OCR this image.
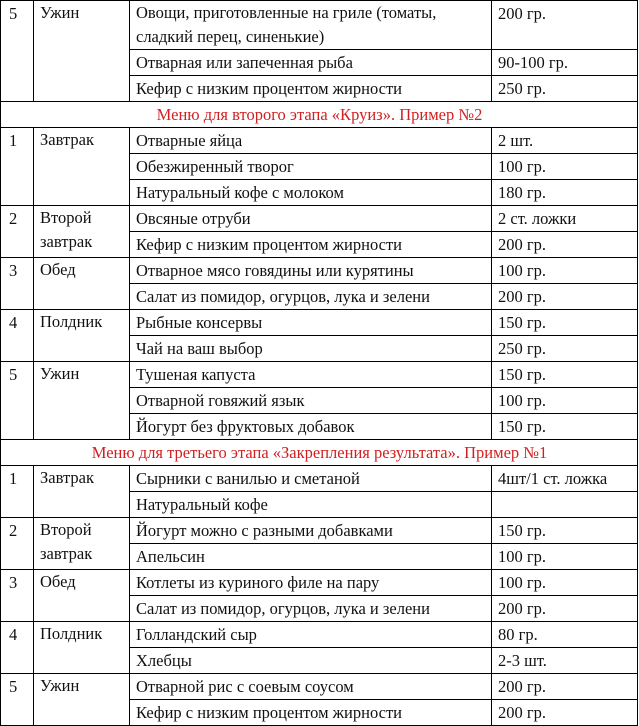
5	Ужин	Овощи, приготовленные на гриле (томаты, сладкий перец, синенькие)	200 гр.
		Отварная или запеченная рыба	90-100 гр.
		Кефир с низким процентом жирности	250 гр.
Меню для второго этапа «Круиз». Пример №2			
1	Завтрак	Отварные яйца	2 шт.
		Обезжиренный творог	100 гр.
		Натуральный кофе с молоком	180 гр.
2	Второй завтрак	Овсяные отруби	2 ст. ложки
		Кефир с низким процентом жирности	200 гр.
3	Обед	Отварное мясо говядины или курятины	100 гр.
		Салат из помидор, огурцов, лука и зелени	200 гр.
4	Полдник	Рыбные консервы	150 гр.
		Чай на ваш выбор	250 гр.
5	Ужин	Тушеная капуста	150 гр.
		Отварной говяжий язык	100 гр.
		Йогурт без фруктовых добавок	150 гр.
Меню для третьего этапа «Закрепления результата». Пример №1			
1	Завтрак	Сырники с ванилью и сметаной	4шт/1 ст. ложка
		Натуральный кофе	
2	Второй завтрак	Йогурт можно с разными добавками	150 гр.
		Апельсин	100 гр.
3	Обед	Котлеты из куриного филе на пару	100 гр.
		Салат из помидор, огурцов, лука и зелени	200 гр.
4	Полдник	Голландский сыр	80 гр.
		Хлебцы	2-3 шт.
5	Ужин	Отварной рис с соевым соусом	200 гр.
		Кефир с низким процентом жирности	200 гр.
